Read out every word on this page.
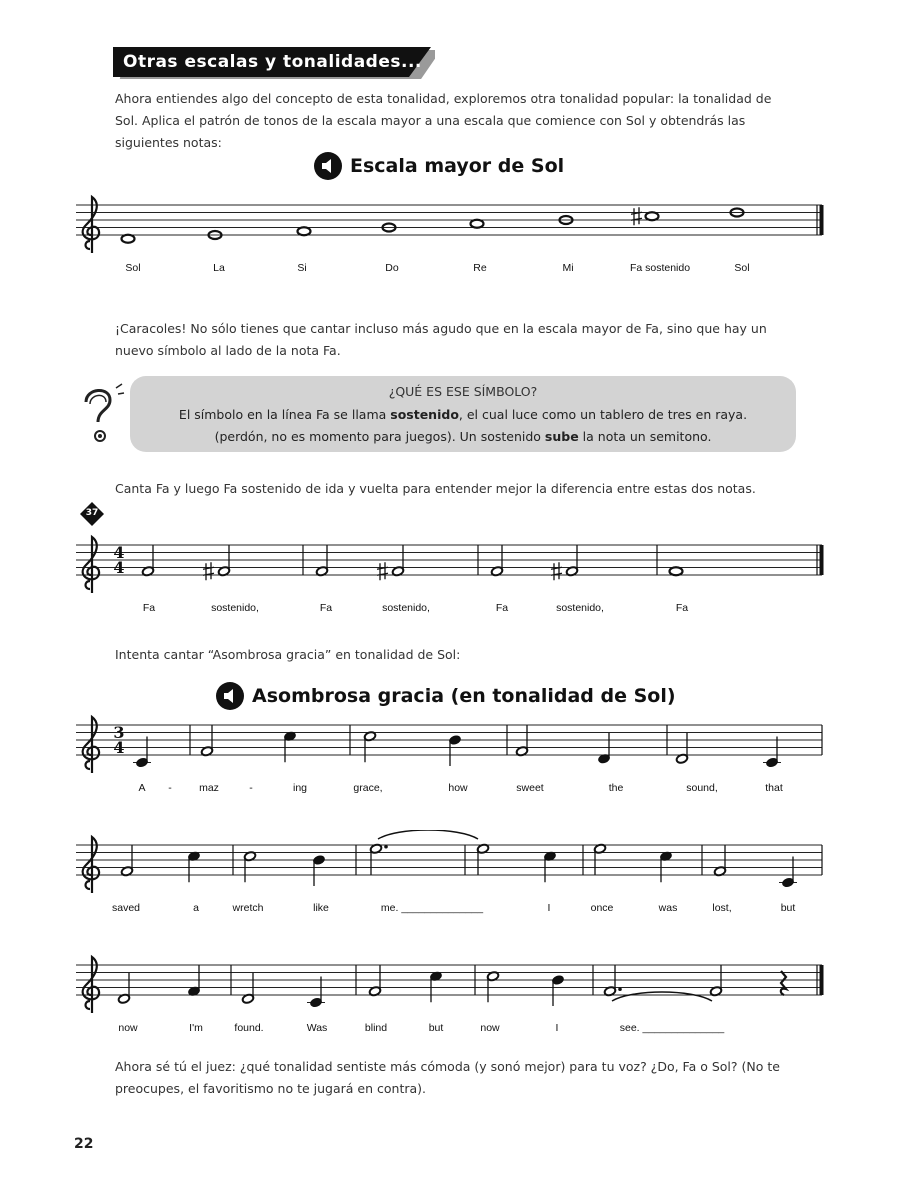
Otras escalas y tonalidades...
Ahora entiendes algo del concepto de esta tonalidad, exploremos otra tonalidad popular: la tonalidad de Sol. Aplica el patrón de tonos de la escala mayor a una escala que comience con Sol y obtendrás las siguientes notas:
Escala mayor de Sol
Sol	La	Si	Do	Re	Mi	Fa sostenido	Sol
¡Caracoles! No sólo tienes que cantar incluso más agudo que en la escala mayor de Fa, sino que hay un nuevo símbolo al lado de la nota Fa.
¿QUÉ ES ESE SÍMBOLO?
El símbolo en la línea Fa se llama sostenido, el cual luce como un tablero de tres en raya.
(perdón, no es momento para juegos). Un sostenido sube la nota un semitono.
Canta Fa y luego Fa sostenido de ida y vuelta para entender mejor la diferencia entre estas dos notas.
37
4
4
Fa	sostenido,	Fa	sostenido,	Fa	sostenido,	Fa
Intenta cantar “Asombrosa gracia” en tonalidad de Sol:
Asombrosa gracia (en tonalidad de Sol)
3
4
A -	maz	-	ing	grace,	how	sweet	the	sound,	that
saved	a	wretch	like	me. ______________	I	once	was	lost,	but
now	I'm	found.	Was	blind	but	now	I	see. ______________
Ahora sé tú el juez: ¿qué tonalidad sentiste más cómoda (y sonó mejor) para tu voz? ¿Do, Fa o Sol? (No te preocupes, el favoritismo no te jugará en contra).
22
